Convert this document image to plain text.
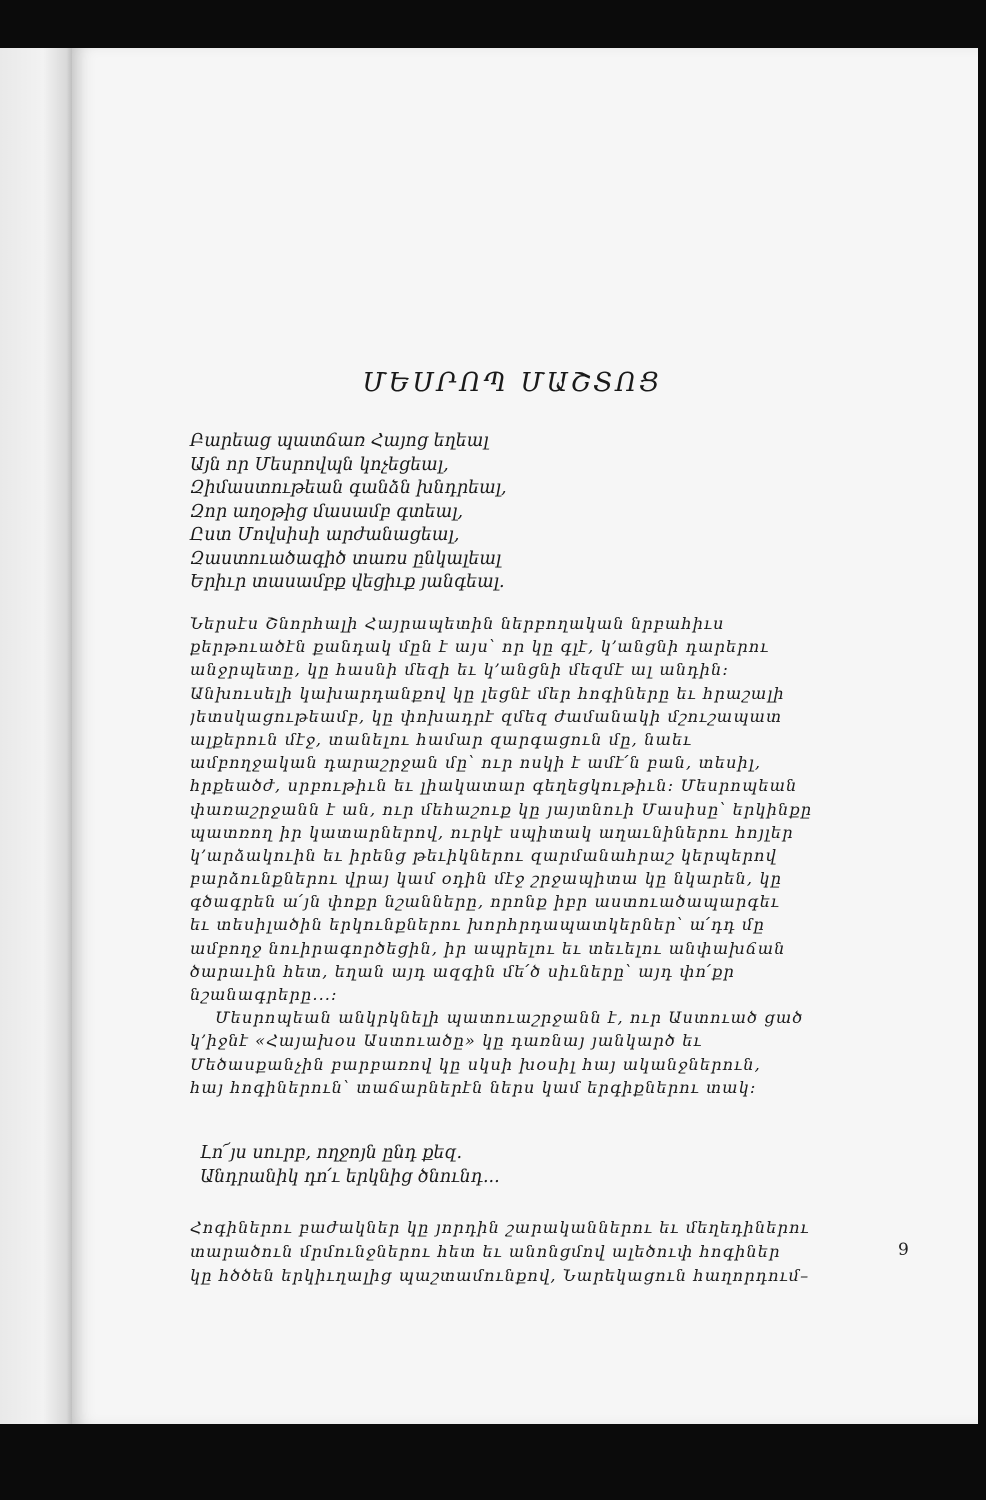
ՄԵՍՐՈՊ ՄԱՇՏՈՑ
Բարեաց պատճառ Հայոց եղեալ
Այն որ Մեսրովպն կոչեցեալ,
Զիմաստութեան գանձն խնդրեալ,
Զոր աղօթից մասամբ գտեալ,
Ըստ Մովսիսի արժանացեալ,
Զաստուածագիծ տառս ընկալեալ
Երիւր տասամբք վեցիւք յանգեալ.
Ներսէս Շնորհալի Հայրապետին ներբողական նրբահիւս
քերթուածէն քանդակ մըն է այս՝ որ կը գլէ, կ՚անցնի դարերու
անջրպետը, կը հասնի մեզի եւ կ՚անցնի մեզմէ ալ անդին։
Անխուսելի կախարդանքով կը լեցնէ մեր հոգիները եւ հրաշալի
յետսկացութեամբ, կը փոխադրէ զմեզ ժամանակի մշուշապատ
ալքերուն մէջ, տանելու համար զարգացուն մը, նաեւ
ամբողջական դարաշրջան մը՝ ուր ոսկի է ամէ՛ն բան, տեսիլ,
հրքեածժ, սրբութիւն եւ լիակատար գեղեցկութիւն։ Մեսրոպեան
փառաշրջանն է ան, ուր մեհաշուք կը յայտնուի Մասիսը՝ երկինքը
պատռող իր կատարներով, ուրկէ սպիտակ աղաւնիներու հոյլեր
կ՚արձակուին եւ իրենց թեւիկներու զարմանահրաշ կերպերով
բարձունքներու վրայ կամ օդին մէջ շրջապիտա կը նկարեն, կը
գծագրեն ա՛յն փոքր նշանները, որոնք իբր աստուածապարգեւ
եւ տեսիլածին երկունքներու խորհրդապատկերներ՝ ա՛դդ մը
ամբողջ նուիրագործեցին, իր ապրելու եւ տեւելու անփախճան
ծարաւին հետ, եղան այդ ազգին մե՛ծ սիւները՝ այդ փո՛քր
նշանագրերը...։
Մեսրոպեան անկրկնելի պատուաշրջանն է, ուր Աստուած ցած
կ՚իջնէ «Հայախօս Աստուածը» կը դառնայ յանկարծ եւ
Մեծասքանչին բարբառով կը սկսի խօսիլ հայ ականջներուն,
հայ հոգիներուն՝ տաճարներէն ներս կամ երգիքներու տակ։
Լո՜յս սուրբ, ողջոյն ընդ քեզ.
Անդրանիկ դո՛ւ երկնից ծնունդ...
Հոգիներու բաժակներ կը յորդին շարականներու եւ մեղեդիներու
տարածուն մրմունջներու հետ եւ անոնցմով ալեծուփ հոգիներ
կը հծծեն երկիւղալից պաշտամունքով, Նարեկացուն հաղորդում–
9
